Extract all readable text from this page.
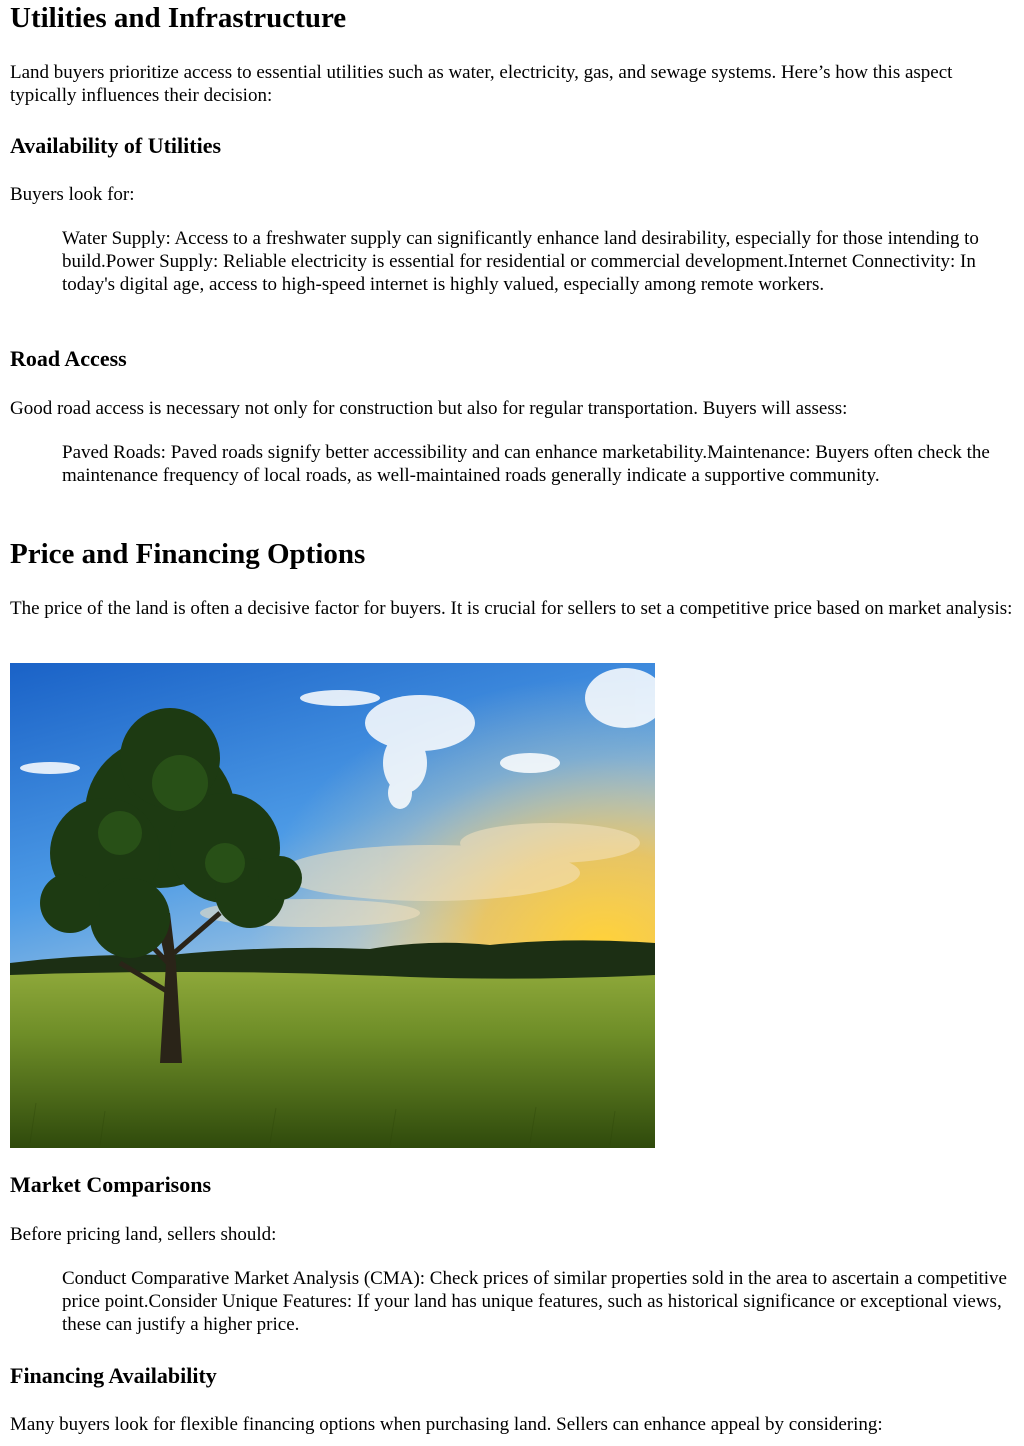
Utilities and Infrastructure

Land buyers prioritize access to essential utilities such as water, electricity, gas, and sewage systems. Here’s how this aspect typically influences their decision:

Availability of Utilities

Buyers look for:

Water Supply: Access to a freshwater supply can significantly enhance land desirability, especially for those intending to build.Power Supply: Reliable electricity is essential for residential or commercial development.Internet Connectivity: In today's digital age, access to high-speed internet is highly valued, especially among remote workers.
Road Access

Good road access is necessary not only for construction but also for regular transportation. Buyers will assess:

Paved Roads: Paved roads signify better accessibility and can enhance marketability.Maintenance: Buyers often check the maintenance frequency of local roads, as well-maintained roads generally indicate a supportive community.
Price and Financing Options

The price of the land is often a decisive factor for buyers. It is crucial for sellers to set a competitive price based on market analysis:

Market Comparisons

Before pricing land, sellers should:

Conduct Comparative Market Analysis (CMA): Check prices of similar properties sold in the area to ascertain a competitive price point.Consider Unique Features: If your land has unique features, such as historical significance or exceptional views, these can justify a higher price.
Financing Availability

Many buyers look for flexible financing options when purchasing land. Sellers can enhance appeal by considering:
